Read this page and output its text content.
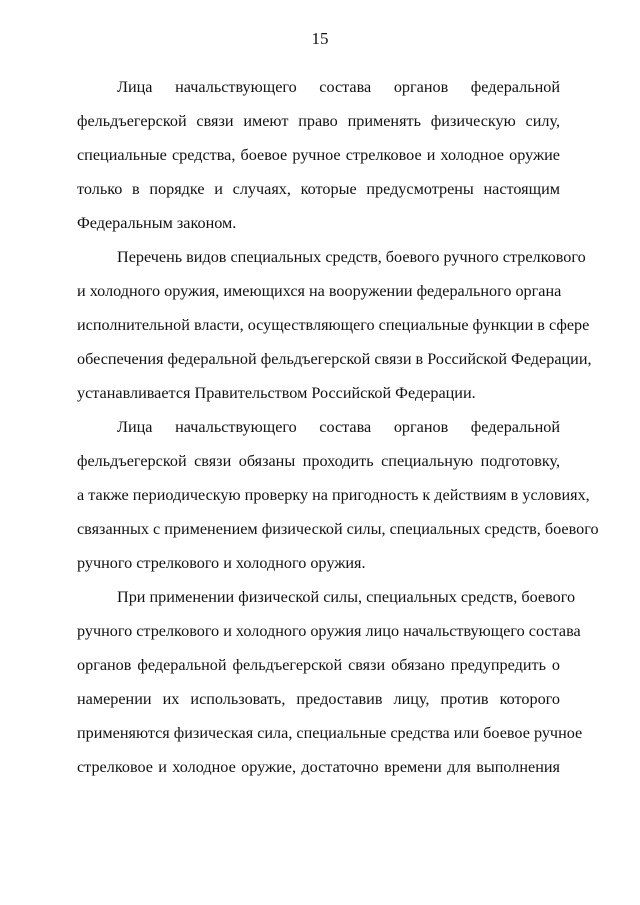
15
Лица начальствующего состава органов федеральной
фельдъегерской связи имеют право применять физическую силу,
специальные средства, боевое ручное стрелковое и холодное оружие
только в порядке и случаях, которые предусмотрены настоящим
Федеральным законом.
Перечень видов специальных средств, боевого ручного стрелкового
и холодного оружия, имеющихся на вооружении федерального органа
исполнительной власти, осуществляющего специальные функции в сфере
обеспечения федеральной фельдъегерской связи в Российской Федерации,
устанавливается Правительством Российской Федерации.
Лица начальствующего состава органов федеральной
фельдъегерской связи обязаны проходить специальную подготовку,
а также периодическую проверку на пригодность к действиям в условиях,
связанных с применением физической силы, специальных средств, боевого
ручного стрелкового и холодного оружия.
При применении физической силы, специальных средств, боевого
ручного стрелкового и холодного оружия лицо начальствующего состава
органов федеральной фельдъегерской связи обязано предупредить о
намерении их использовать, предоставив лицу, против которого
применяются физическая сила, специальные средства или боевое ручное
стрелковое и холодное оружие, достаточно времени для выполнения
